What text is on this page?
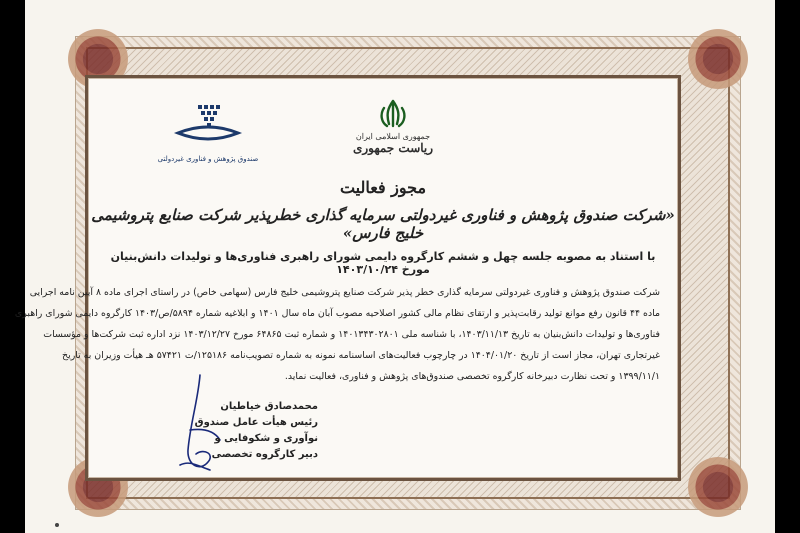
جمهوری اسلامی ایران
ریاست جمهوری
صندوق پژوهش و فناوری غیردولتی
مجوز فعالیت
«شرکت صندوق پژوهش و فناوری غیردولتی سرمایه گذاری خطرپذیر شرکت صنایع پتروشیمی خلیج فارس»
با استناد به مصوبه جلسه چهل و ششم کارگروه دایمی شورای راهبری فناوری‌ها و تولیدات دانش‌بنیان مورخ ۱۴۰۳/۱۰/۲۴

شرکت صندوق پژوهش و فناوری غیردولتی سرمایه گذاری خطر پذیر شرکت صنایع پتروشیمی خلیج فارس (سهامی خاص) در راستای اجرای ماده ۸ آیین نامه اجرایی

ماده ۴۴ قانون رفع موانع تولید رقابت‌پذیر و ارتقای نظام مالی کشور اصلاحیه مصوب آبان ماه سال ۱۴۰۱ و ابلاغیه شماره ۵۸۹۴/ص/۱۴۰۳ کارگروه دایمی شورای راهبری

فناوری‌ها و تولیدات دانش‌بنیان به تاریخ ۱۴۰۳/۱۱/۱۳، با شناسه ملی ۱۴۰۱۳۴۳۰۲۸۰۱ و شماره ثبت ۶۴۸۶۵ مورخ ۱۴۰۳/۱۲/۲۷ نزد اداره ثبت شرکت‌ها و مؤسسات

غیرتجاری تهران، مجاز است از تاریخ ۱۴۰۴/۰۱/۲۰ در چارچوب فعالیت‌های اساسنامه نمونه به شماره تصویب‌نامه ۱۲۵۱۸۶/ت ۵۷۴۲۱ هـ هیأت وزیران به تاریخ

۱۳۹۹/۱۱/۱ و تحت نظارت دبیرخانه کارگروه تخصصی صندوق‌های پژوهش و فناوری، فعالیت نماید.

محمدصادق خیاطیان
رئیس هیأت عامل صندوق نوآوری و شکوفایی و
دبیر کارگروه تخصصی
